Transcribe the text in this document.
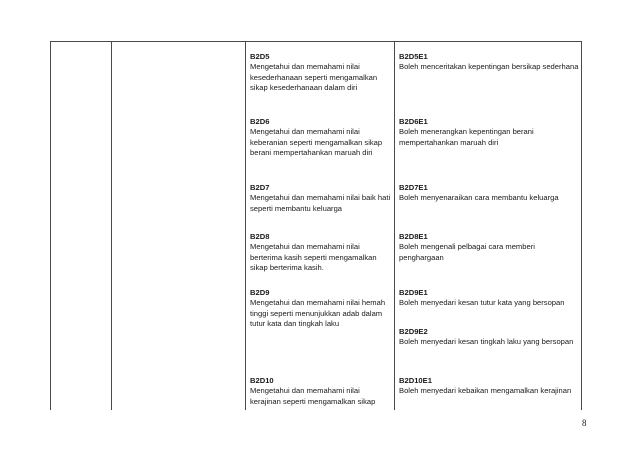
B2D5
Mengetahui dan memahami nilai kesederhanaan seperti mengamalkan sikap kesederhanaan dalam diri
B2D5E1
Boleh menceritakan kepentingan bersikap sederhana
B2D6
Mengetahui dan memahami nilai keberanian seperti mengamalkan sikap berani mempertahankan maruah diri
B2D6E1
Boleh menerangkan kepentingan berani mempertahankan maruah diri
B2D7
Mengetahui dan memahami nilai baik hati seperti membantu keluarga
B2D7E1
Boleh menyenaraikan cara membantu keluarga
B2D8
Mengetahui dan memahami nilai berterima kasih seperti mengamalkan sikap berterima kasih.
B2D8E1
Boleh mengenali pelbagai cara memberi penghargaan
B2D9
Mengetahui dan memahami nilai hemah tinggi seperti menunjukkan adab dalam tutur kata dan tingkah laku
B2D9E1
Boleh menyedari kesan tutur kata yang bersopan
B2D9E2
Boleh menyedari kesan tingkah laku yang bersopan
B2D10
Mengetahui dan memahami nilai kerajinan seperti mengamalkan sikap
B2D10E1
Boleh menyedari kebaikan mengamalkan kerajinan
8
